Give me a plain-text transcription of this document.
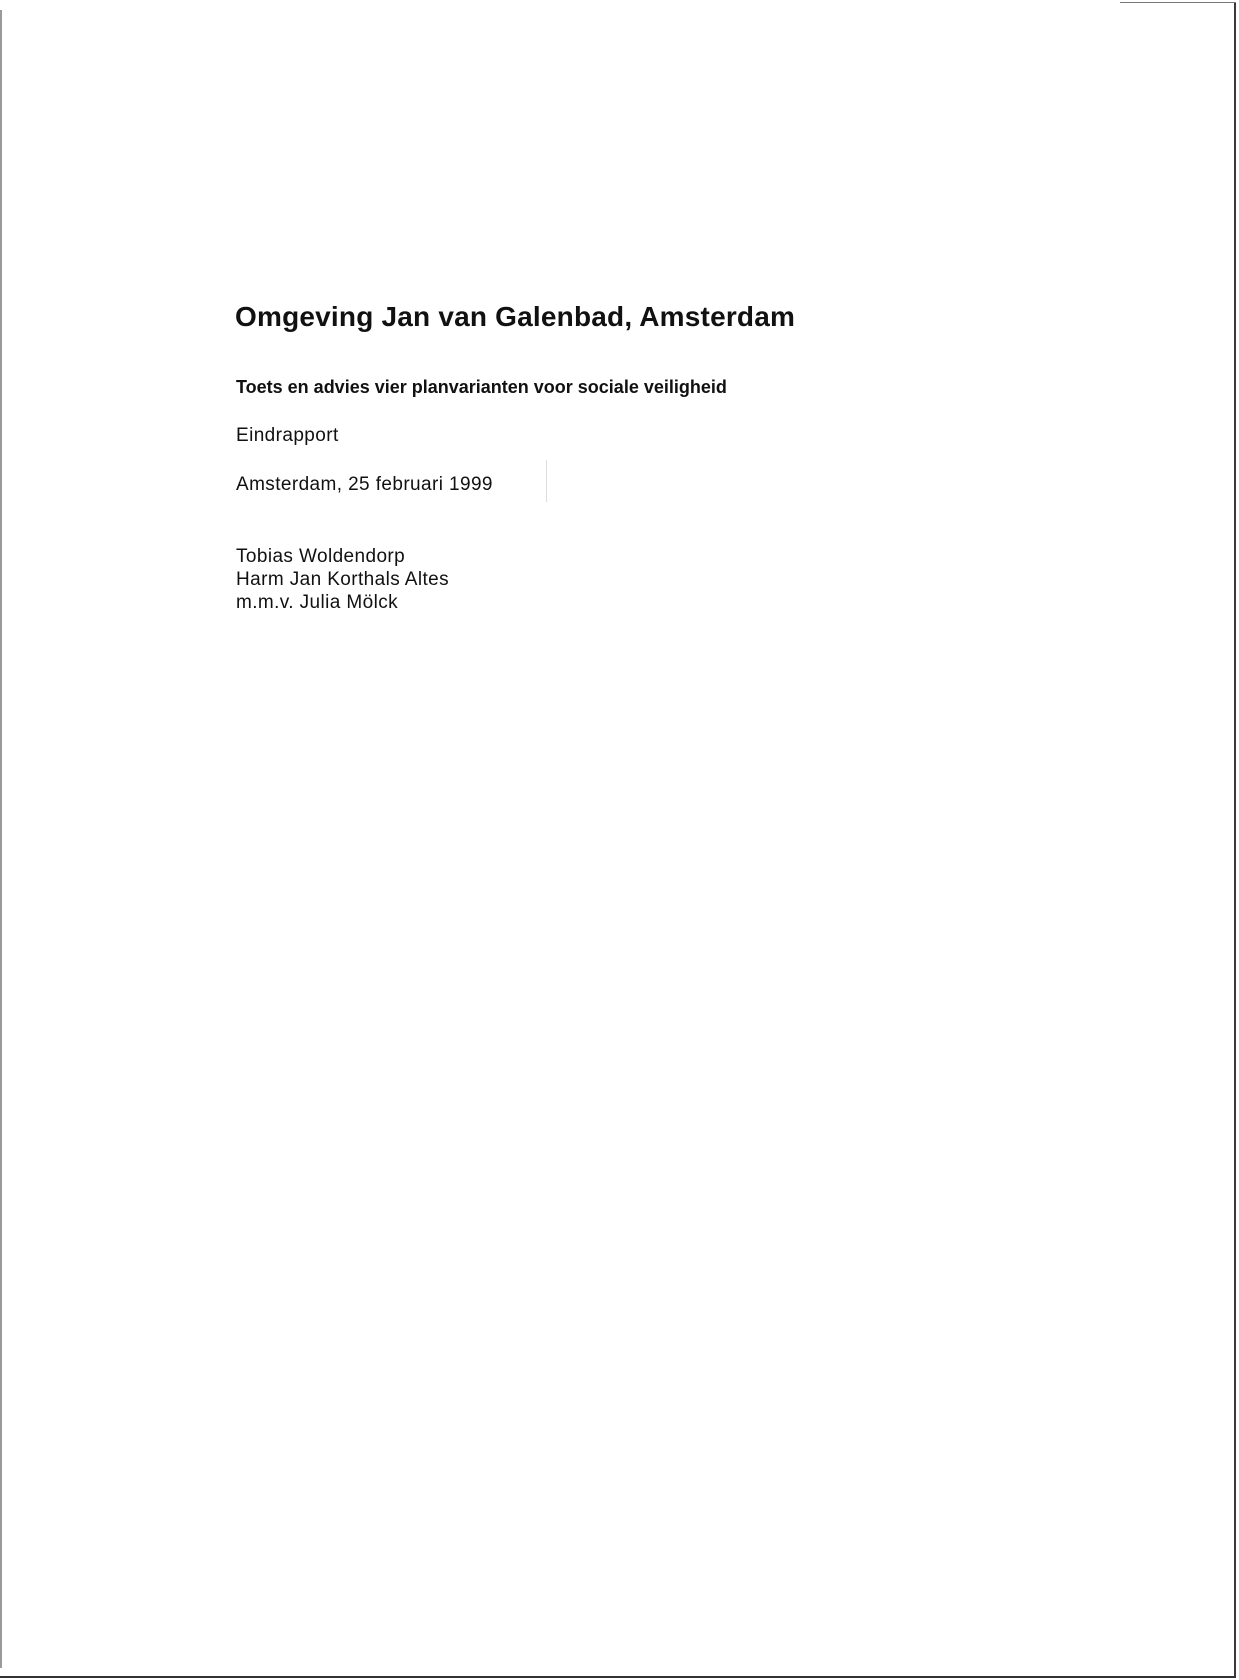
Omgeving Jan van Galenbad, Amsterdam
Toets en advies vier planvarianten voor sociale veiligheid

Eindrapport

Amsterdam, 25 februari 1999

Tobias Woldendorp
Harm Jan Korthals Altes
m.m.v. Julia Mölck
